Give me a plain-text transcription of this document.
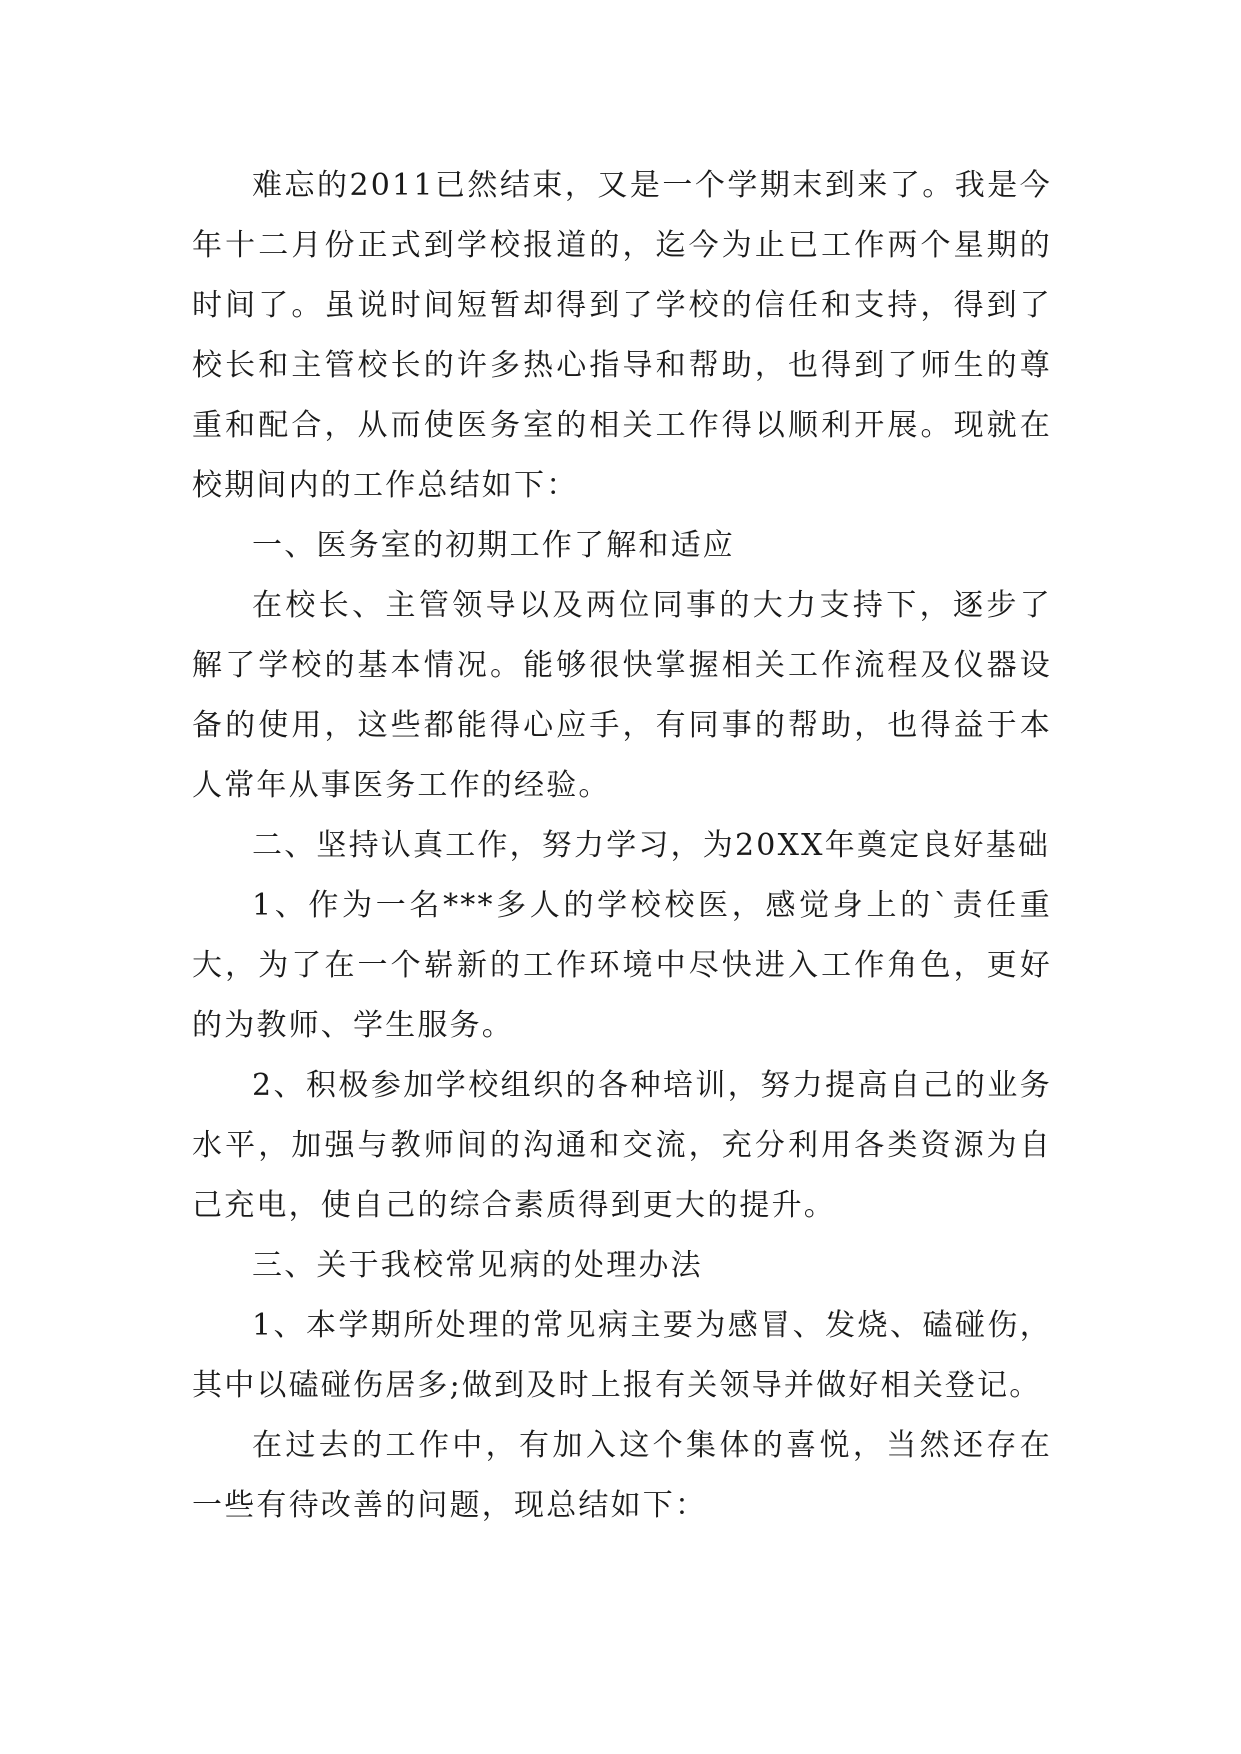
难忘的2011已然结束，又是一个学期末到来了。我是今年十二月份正式到学校报道的，迄今为止已工作两个星期的时间了。虽说时间短暂却得到了学校的信任和支持，得到了校长和主管校长的许多热心指导和帮助，也得到了师生的尊重和配合，从而使医务室的相关工作得以顺利开展。现就在校期间内的工作总结如下：

一、医务室的初期工作了解和适应

在校长、主管领导以及两位同事的大力支持下，逐步了解了学校的基本情况。能够很快掌握相关工作流程及仪器设备的使用，这些都能得心应手，有同事的帮助，也得益于本人常年从事医务工作的经验。

二、坚持认真工作，努力学习，为20XX年奠定良好基础

1、作为一名***多人的学校校医，感觉身上的`责任重大，为了在一个崭新的工作环境中尽快进入工作角色，更好的为教师、学生服务。

2、积极参加学校组织的各种培训，努力提高自己的业务水平，加强与教师间的沟通和交流，充分利用各类资源为自己充电，使自己的综合素质得到更大的提升。

三、关于我校常见病的处理办法

1、本学期所处理的常见病主要为感冒、发烧、磕碰伤，其中以磕碰伤居多;做到及时上报有关领导并做好相关登记。

在过去的工作中，有加入这个集体的喜悦，当然还存在一些有待改善的问题，现总结如下：
